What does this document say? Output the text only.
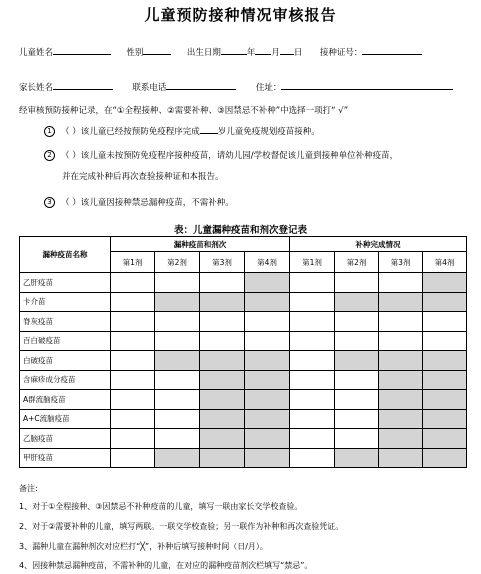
儿童预防接种情况审核报告
儿童姓名	性别	出生日期	年 月 日 接种证号：
家长姓名	联系电话	住址：
经审核预防接种记录，在“①全程接种、②需要补种、③因禁忌不补种”中选择一项打“ √”
1 （ ）该儿童已经按预防免疫程序完成 岁儿童免疫规划疫苗接种。
2 （ ）该儿童未按预防免疫程序接种疫苗，请幼儿园/学校督促该儿童到接种单位补种疫苗，
并在完成补种后再次查验接种证和本报告。
3 （ ）该儿童因接种禁忌漏种疫苗，不需补种。
表：儿童漏种疫苗和剂次登记表
漏种疫苗名称	漏种疫苗和剂次				补种完成情况			
	第1剂	第2剂	第3剂	第4剂	第1剂	第2剂	第3剂	第4剂
乙肝疫苗								
卡介苗								
脊灰疫苗								
百白破疫苗								
白破疫苗								
含麻疹成分疫苗								
A群流脑疫苗								
A+C流脑疫苗								
乙脑疫苗								
甲肝疫苗								
备注:
1、对于①全程接种、③因禁忌不补种疫苗的儿童，填写一联由家长交学校查验。
2、对于②需要补种的儿童，填写两联。一联交学校查验；另一联作为补种和再次查验凭证。
3、漏种儿童在漏种剂次对应栏打“╳”，补种后填写接种时间（日/月）。
4、因接种禁忌漏种疫苗，不需补种的儿童，在对应的漏种疫苗剂次栏填写“禁忌”。
